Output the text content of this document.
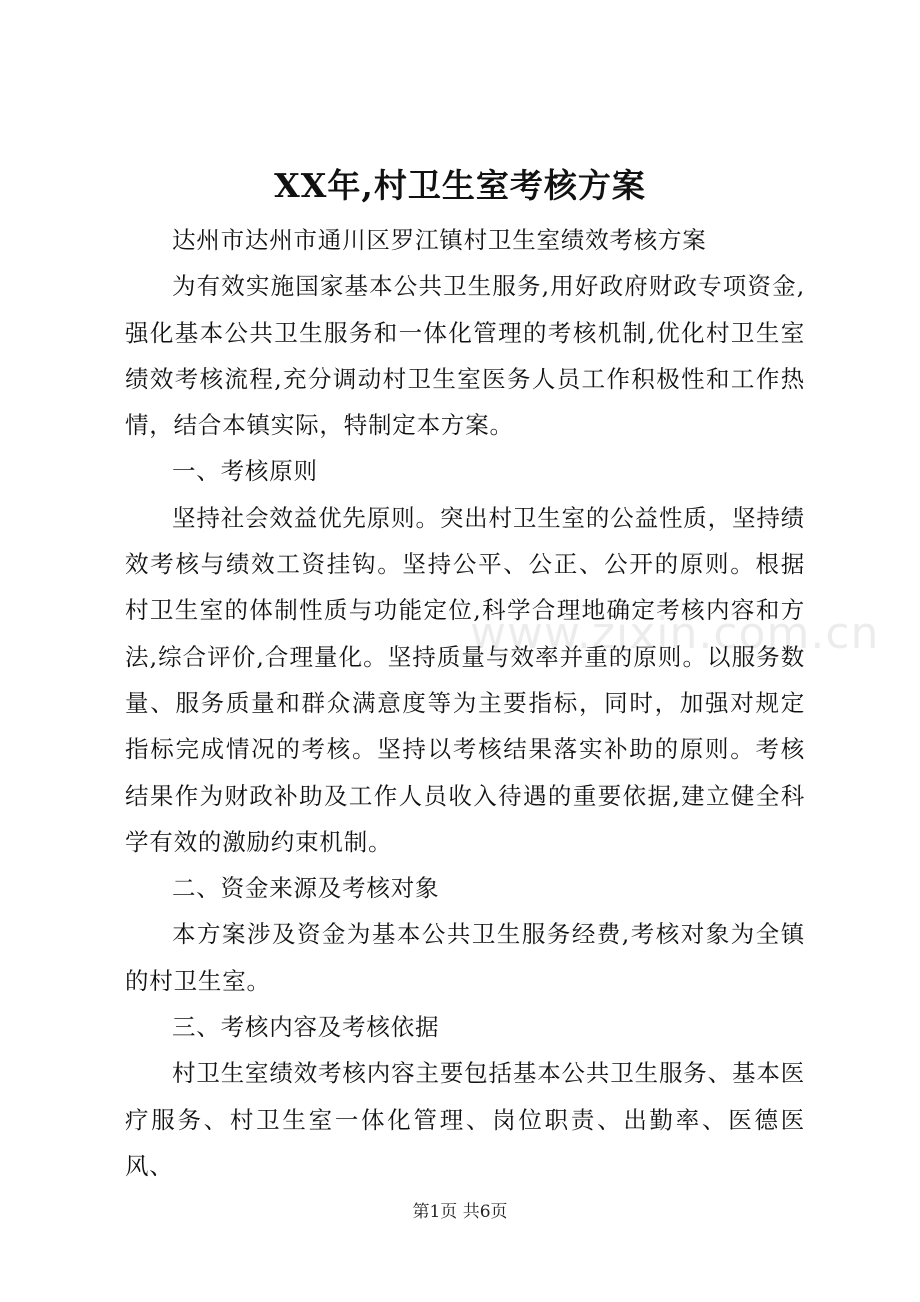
XX年,村卫生室考核方案

达州市达州市通川区罗江镇村卫生室绩效考核方案

为有效实施国家基本公共卫生服务,用好政府财政专项资金,强化基本公共卫生服务和一体化管理的考核机制,优化村卫生室绩效考核流程,充分调动村卫生室医务人员工作积极性和工作热情，结合本镇实际，特制定本方案。

一、考核原则

坚持社会效益优先原则。突出村卫生室的公益性质，坚持绩效考核与绩效工资挂钩。坚持公平、公正、公开的原则。根据村卫生室的体制性质与功能定位,科学合理地确定考核内容和方法,综合评价,合理量化。坚持质量与效率并重的原则。以服务数量、服务质量和群众满意度等为主要指标，同时，加强对规定指标完成情况的考核。坚持以考核结果落实补助的原则。考核结果作为财政补助及工作人员收入待遇的重要依据,建立健全科学有效的激励约束机制。

二、资金来源及考核对象

本方案涉及资金为基本公共卫生服务经费,考核对象为全镇的村卫生室。

三、考核内容及考核依据

村卫生室绩效考核内容主要包括基本公共卫生服务、基本医疗服务、村卫生室一体化管理、岗位职责、出勤率、医德医风、

www.zixin.com.cn
第1页 共6页
